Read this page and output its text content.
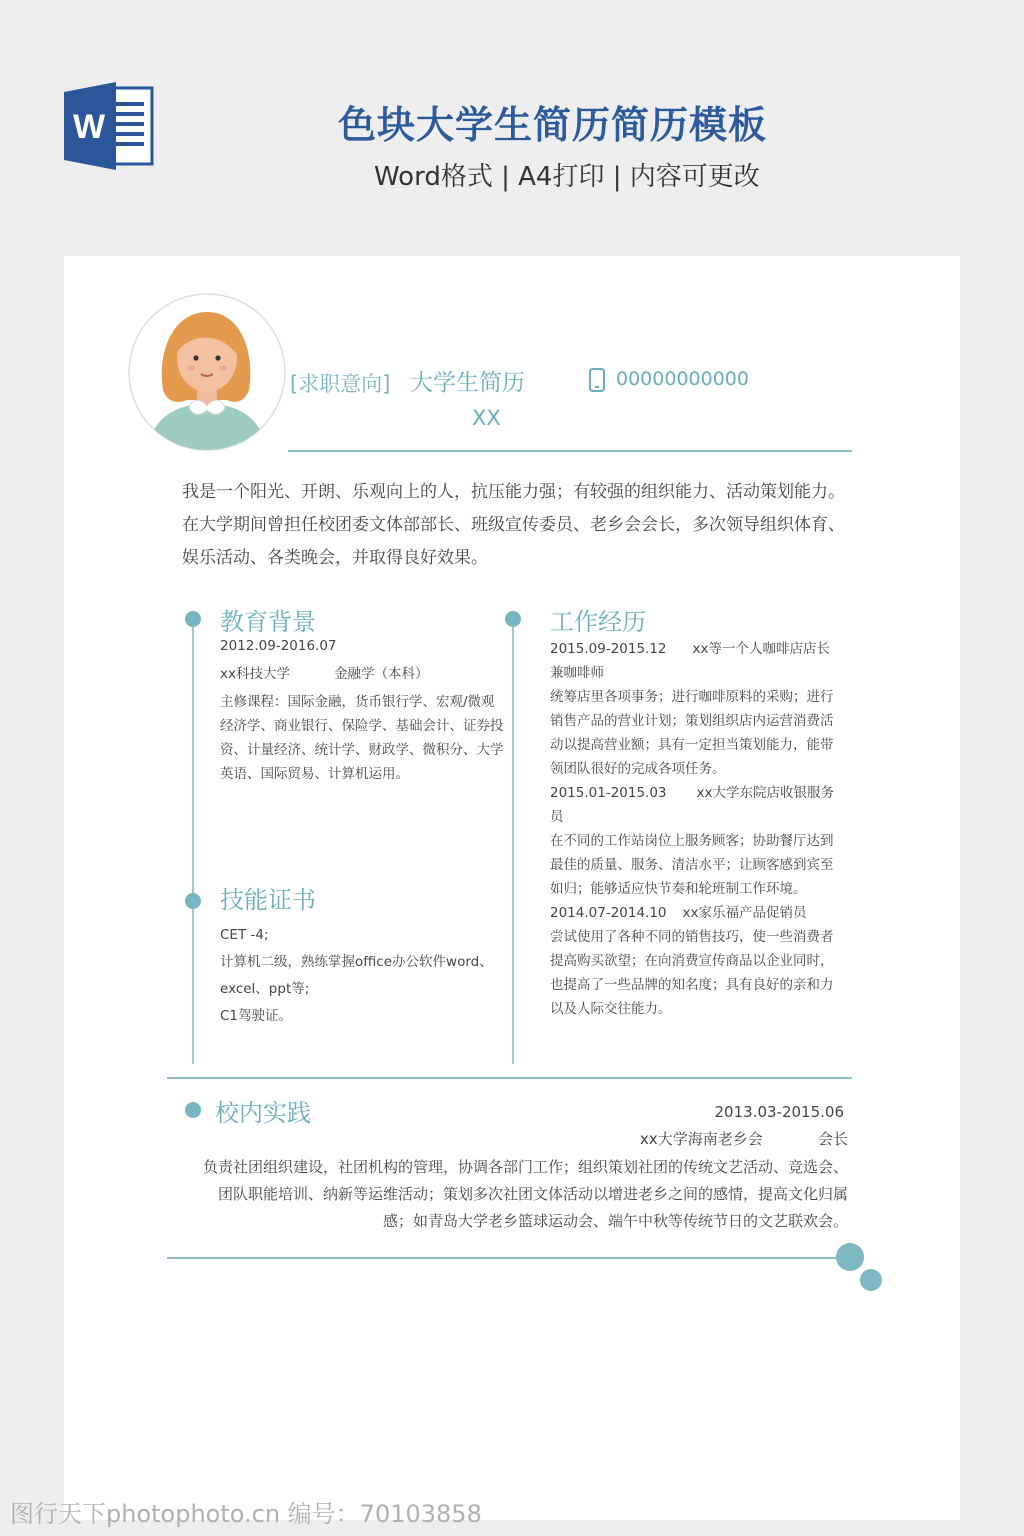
W	色块大学生简历简历模板
Word格式 | A4打印 | 内容可更改
[求职意向] 大学生简历	00000000000
XX
我是一个阳光、开朗、乐观向上的人，抗压能力强；有较强的组织能力、活动策划能力。在大学期间曾担任校团委文体部部长、班级宣传委员、老乡会会长，多次领导组织体育、娱乐活动、各类晚会，并取得良好效果。
教育背景
2012.09-2016.07
xx科技大学	金融学（本科）
主修课程：国际金融，货币银行学、宏观/微观经济学、商业银行、保险学、基础会计、证券投资、计量经济、统计学、财政学、微积分、大学英语、国际贸易、计算机运用。
技能证书
CET -4;
计算机二级，熟练掌握office办公软件word、excel、ppt等;
C1驾驶证。
工作经历
2015.09-2015.12 xx等一个人咖啡店店长兼咖啡师
统筹店里各项事务；进行咖啡原料的采购；进行销售产品的营业计划；策划组织店内运营消费活动以提高营业额；具有一定担当策划能力，能带领团队很好的完成各项任务。
2015.01-2015.03 xx大学东院店收银服务员
在不同的工作站岗位上服务顾客；协助餐厅达到最佳的质量、服务、清洁水平；让顾客感到宾至如归；能够适应快节奏和轮班制工作环境。
2014.07-2014.10 xx家乐福产品促销员
尝试使用了各种不同的销售技巧，使一些消费者提高购买欲望；在向消费宣传商品以企业同时，也提高了一些品牌的知名度；具有良好的亲和力以及人际交往能力。
校内实践	2013.03-2015.06
xx大学海南老乡会	会长
负责社团组织建设，社团机构的管理，协调各部门工作；组织策划社团的传统文艺活动、竞选会、团队职能培训、纳新等运维活动；策划多次社团文体活动以增进老乡之间的感情，提高文化归属感；如青岛大学老乡篮球运动会、端午中秋等传统节日的文艺联欢会。
图行天下photophoto.cn 编号：70103858
